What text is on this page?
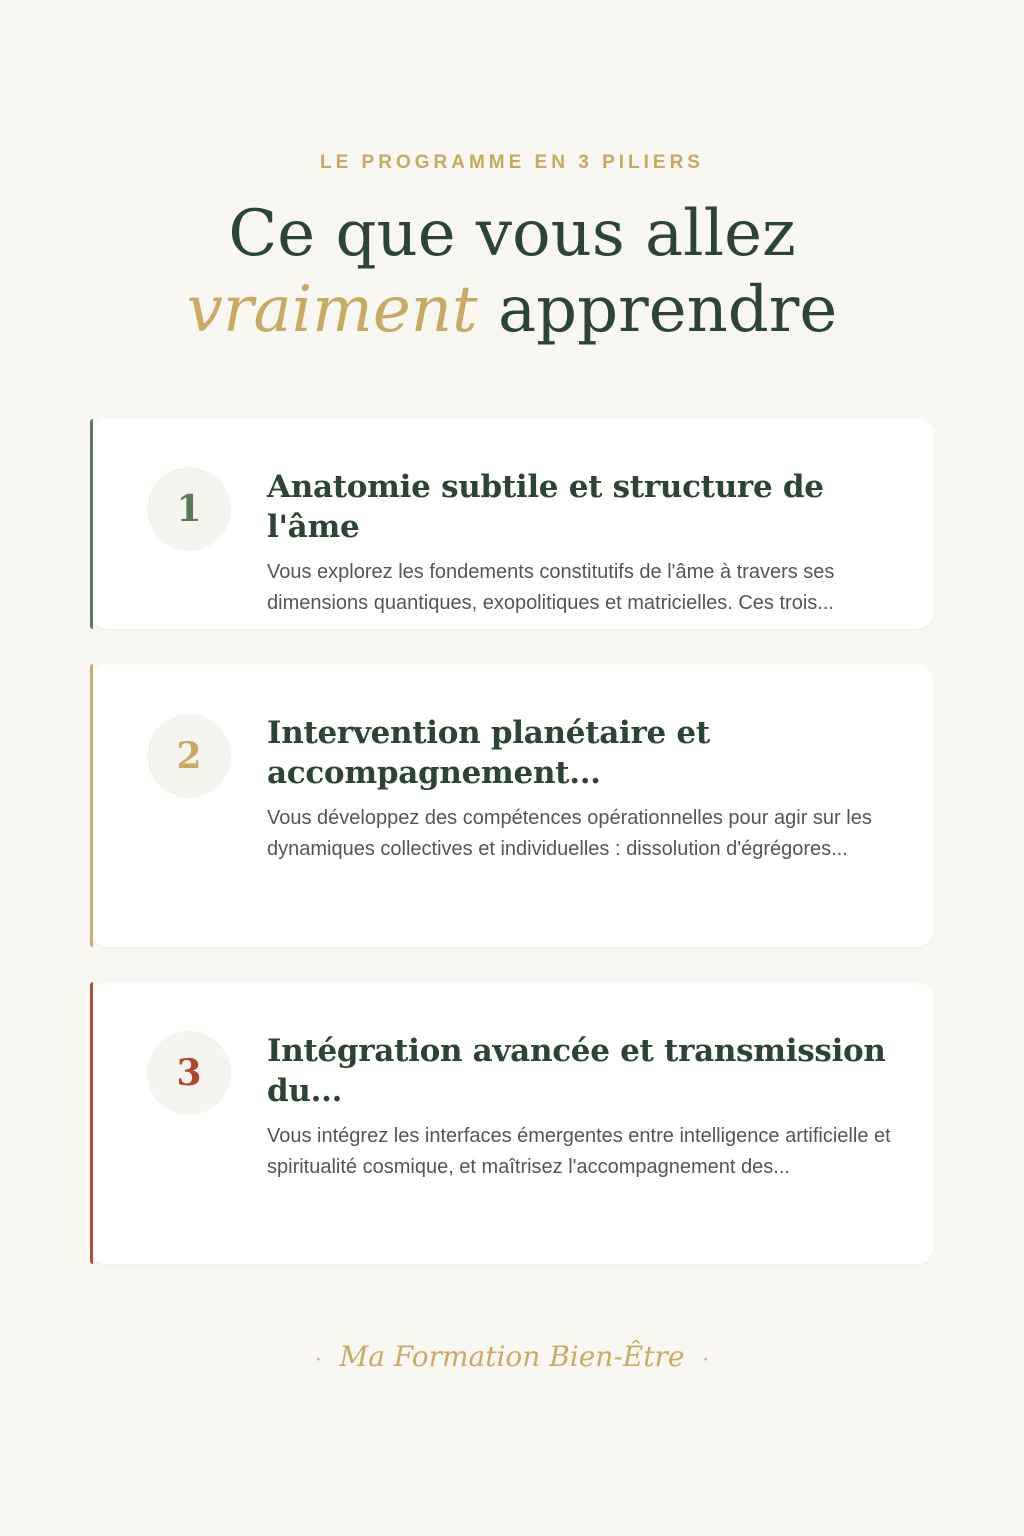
LE PROGRAMME EN 3 PILIERS
Ce que vous allez
vraiment apprendre
1
Anatomie subtile et structure de l'âme

Vous explorez les fondements constitutifs de l'âme à travers ses dimensions quantiques, exopolitiques et matricielles. Ces trois...

2
Intervention planétaire et accompagnement...

Vous développez des compétences opérationnelles pour agir sur les dynamiques collectives et individuelles : dissolution d'égrégores...

3
Intégration avancée et transmission du...

Vous intégrez les interfaces émergentes entre intelligence artificielle et spiritualité cosmique, et maîtrisez l'accompagnement des...

· Ma Formation Bien-Être ·
